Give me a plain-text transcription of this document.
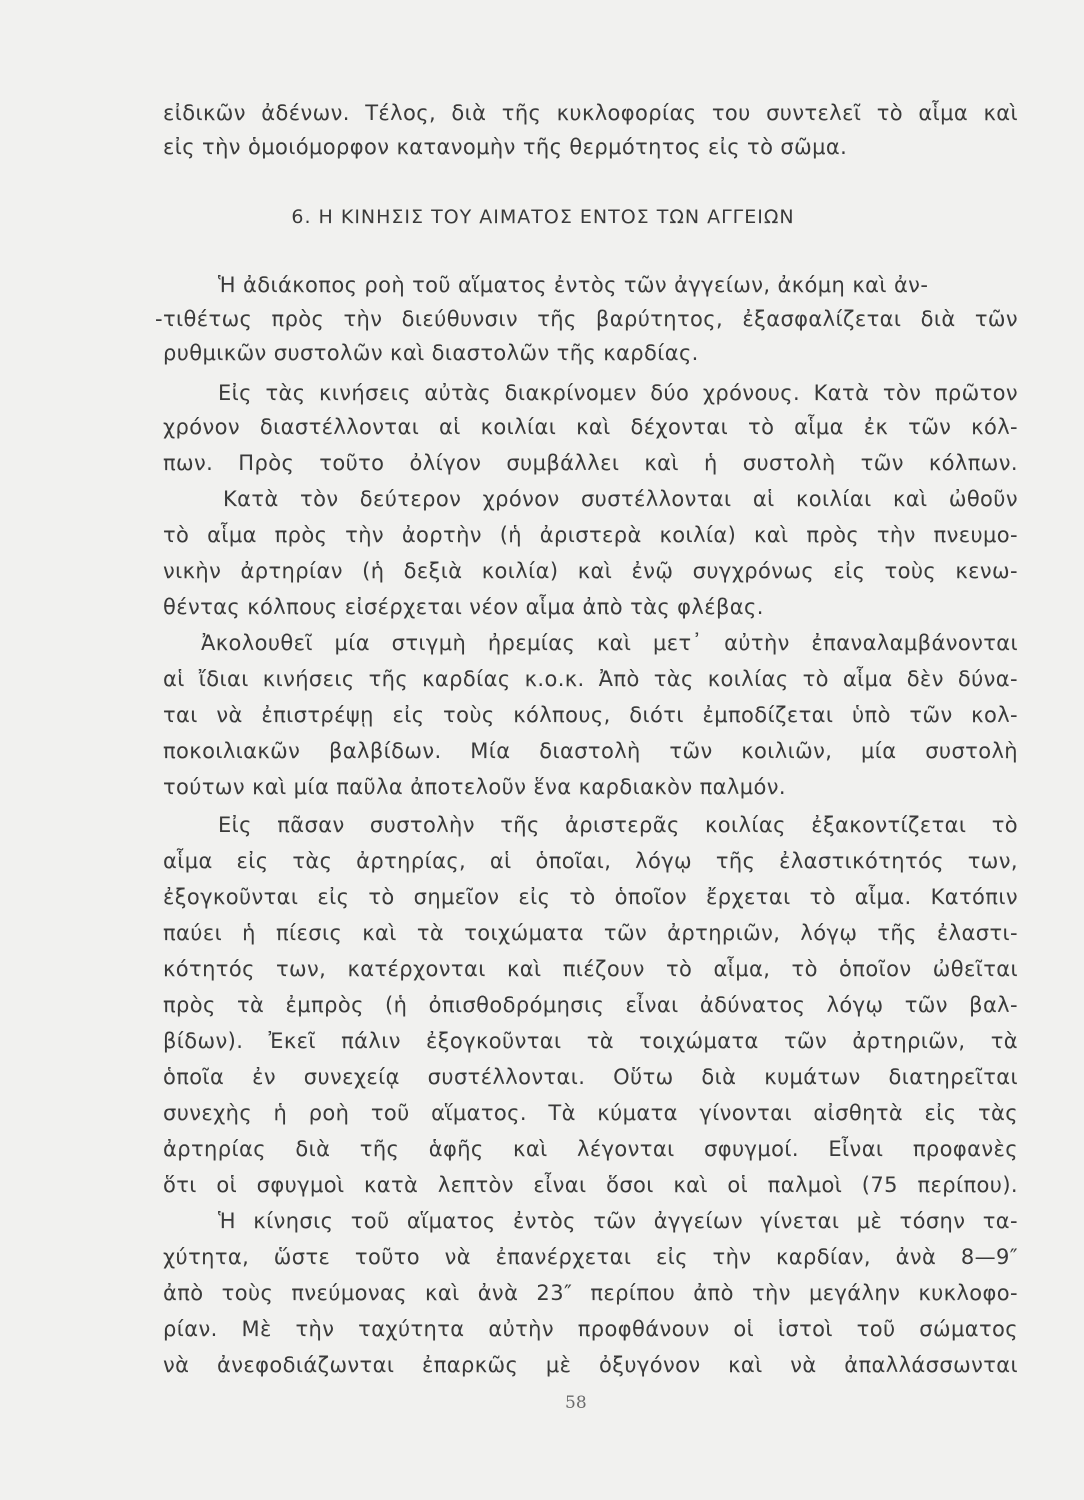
εἰδικῶν ἀδένων. Τέλος, διὰ τῆς κυκλοφορίας του συντελεῖ τὸ αἷμα καὶ
εἰς τὴν ὁμοιόμορφον κατανομὴν τῆς θερμότητος εἰς τὸ σῶμα.
6. Η ΚΙΝΗΣΙΣ ΤΟΥ ΑΙΜΑΤΟΣ ΕΝΤΟΣ ΤΩΝ ΑΓΓΕΙΩΝ
Ἡ ἀδιάκοπος ροὴ τοῦ αἵματος ἐντὸς τῶν ἀγγείων, ἀκόμη καὶ ἀν-
-τιθέτως πρὸς τὴν διεύθυνσιν τῆς βαρύτητος, ἐξασφαλίζεται διὰ τῶν
ρυθμικῶν συστολῶν καὶ διαστολῶν τῆς καρδίας.
Εἰς τὰς κινήσεις αὐτὰς διακρίνομεν δύο χρόνους. Κατὰ τὸν πρῶτον
χρόνον διαστέλλονται αἱ κοιλίαι καὶ δέχονται τὸ αἷμα ἐκ τῶν κόλ-
πων. Πρὸς τοῦτο ὀλίγον συμβάλλει καὶ ἡ συστολὴ τῶν κόλπων.
Κατὰ τὸν δεύτερον χρόνον συστέλλονται αἱ κοιλίαι καὶ ὠθοῦν
τὸ αἷμα πρὸς τὴν ἀορτὴν (ἡ ἀριστερὰ κοιλία) καὶ πρὸς τὴν πνευμο-
νικὴν ἀρτηρίαν (ἡ δεξιὰ κοιλία) καὶ ἐνῷ συγχρόνως εἰς τοὺς κενω-
θέντας κόλπους εἰσέρχεται νέον αἷμα ἀπὸ τὰς φλέβας.
Ἀκολουθεῖ μία στιγμὴ ἠρεμίας καὶ μετ᾽ αὐτὴν ἐπαναλαμβάνονται
αἱ ἴδιαι κινήσεις τῆς καρδίας κ.ο.κ. Ἀπὸ τὰς κοιλίας τὸ αἷμα δὲν δύνα-
ται νὰ ἐπιστρέψῃ εἰς τοὺς κόλπους, διότι ἐμποδίζεται ὑπὸ τῶν κολ-
ποκοιλιακῶν βαλβίδων. Μία διαστολὴ τῶν κοιλιῶν, μία συστολὴ
τούτων καὶ μία παῦλα ἀποτελοῦν ἕνα καρδιακὸν παλμόν.
Εἰς πᾶσαν συστολὴν τῆς ἀριστερᾶς κοιλίας ἐξακοντίζεται τὸ
αἷμα εἰς τὰς ἀρτηρίας, αἱ ὁποῖαι, λόγῳ τῆς ἐλαστικότητός των,
ἐξογκοῦνται εἰς τὸ σημεῖον εἰς τὸ ὁποῖον ἔρχεται τὸ αἷμα. Κατόπιν
παύει ἡ πίεσις καὶ τὰ τοιχώματα τῶν ἀρτηριῶν, λόγῳ τῆς ἐλαστι-
κότητός των, κατέρχονται καὶ πιέζουν τὸ αἷμα, τὸ ὁποῖον ὠθεῖται
πρὸς τὰ ἐμπρὸς (ἡ ὀπισθοδρόμησις εἶναι ἀδύνατος λόγῳ τῶν βαλ-
βίδων). Ἐκεῖ πάλιν ἐξογκοῦνται τὰ τοιχώματα τῶν ἀρτηριῶν, τὰ
ὁποῖα ἐν συνεχείᾳ συστέλλονται. Οὕτω διὰ κυμάτων διατηρεῖται
συνεχὴς ἡ ροὴ τοῦ αἵματος. Τὰ κύματα γίνονται αἰσθητὰ εἰς τὰς
ἀρτηρίας διὰ τῆς ἁφῆς καὶ λέγονται σφυγμοί. Εἶναι προφανὲς
ὅτι οἱ σφυγμοὶ κατὰ λεπτὸν εἶναι ὅσοι καὶ οἱ παλμοὶ (75 περίπου).
Ἡ κίνησις τοῦ αἵματος ἐντὸς τῶν ἀγγείων γίνεται μὲ τόσην τα-
χύτητα, ὥστε τοῦτο νὰ ἐπανέρχεται εἰς τὴν καρδίαν, ἀνὰ 8—9″
ἀπὸ τοὺς πνεύμονας καὶ ἀνὰ 23″ περίπου ἀπὸ τὴν μεγάλην κυκλοφο-
ρίαν. Μὲ τὴν ταχύτητα αὐτὴν προφθάνουν οἱ ἱστοὶ τοῦ σώματος
νὰ ἀνεφοδιάζωνται ἐπαρκῶς μὲ ὀξυγόνον καὶ νὰ ἀπαλλάσσωνται
58
